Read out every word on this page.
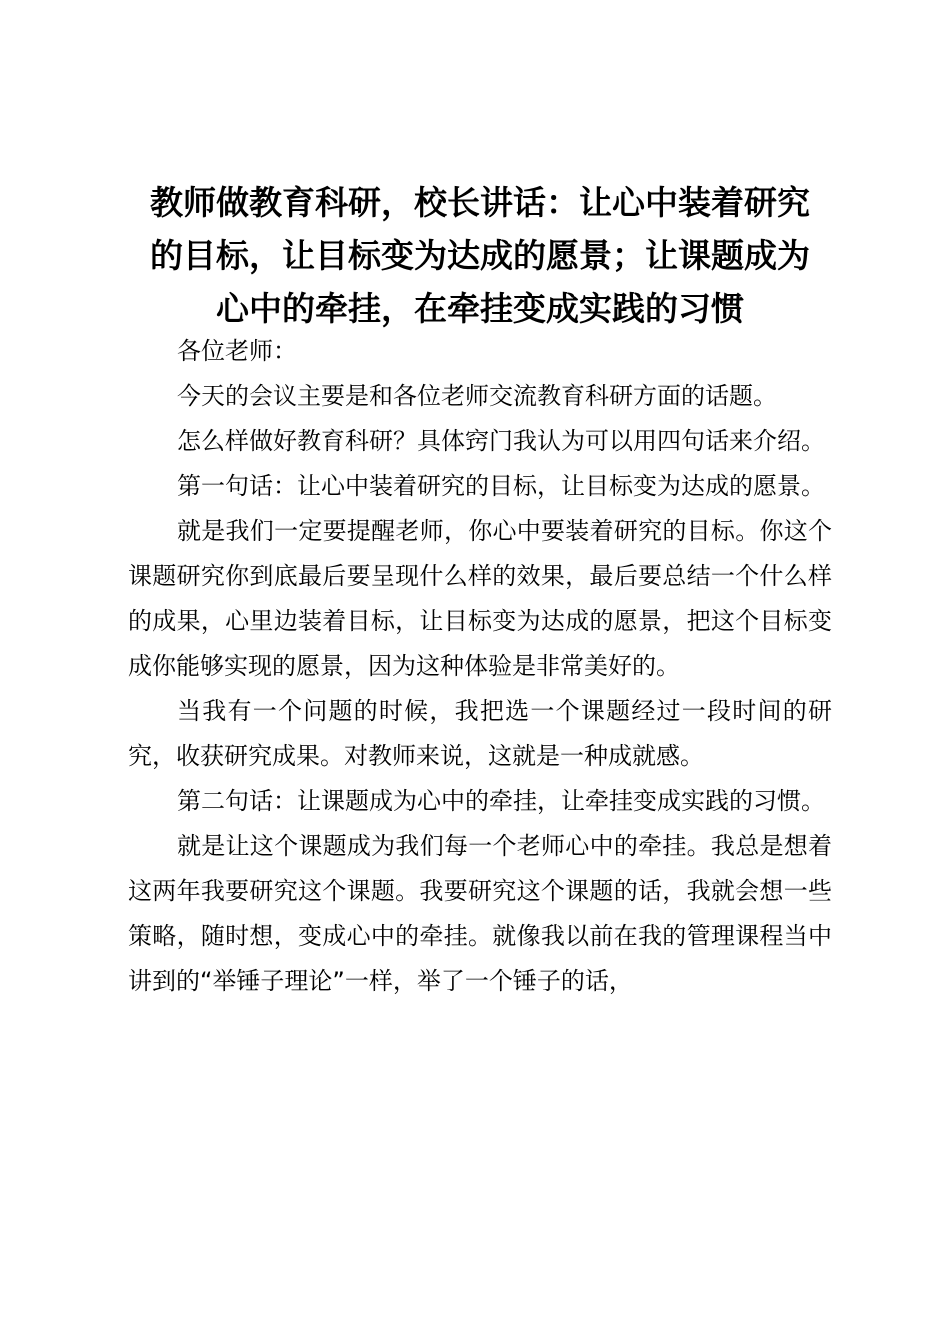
教师做教育科研，校长讲话：让心中装着研究
的目标，让目标变为达成的愿景；让课题成为
心中的牵挂，在牵挂变成实践的习惯

各位老师：

今天的会议主要是和各位老师交流教育科研方面的话题。

怎么样做好教育科研？具体窍门我认为可以用四句话来介绍。

第一句话：让心中装着研究的目标，让目标变为达成的愿景。

就是我们一定要提醒老师，你心中要装着研究的目标。你这个课题研究你到底最后要呈现什么样的效果，最后要总结一个什么样的成果，心里边装着目标，让目标变为达成的愿景，把这个目标变成你能够实现的愿景，因为这种体验是非常美好的。

当我有一个问题的时候，我把选一个课题经过一段时间的研究，收获研究成果。对教师来说，这就是一种成就感。

第二句话：让课题成为心中的牵挂，让牵挂变成实践的习惯。

就是让这个课题成为我们每一个老师心中的牵挂。我总是想着这两年我要研究这个课题。我要研究这个课题的话，我就会想一些策略，随时想，变成心中的牵挂。就像我以前在我的管理课程当中讲到的“举锤子理论”一样，举了一个锤子的话，
